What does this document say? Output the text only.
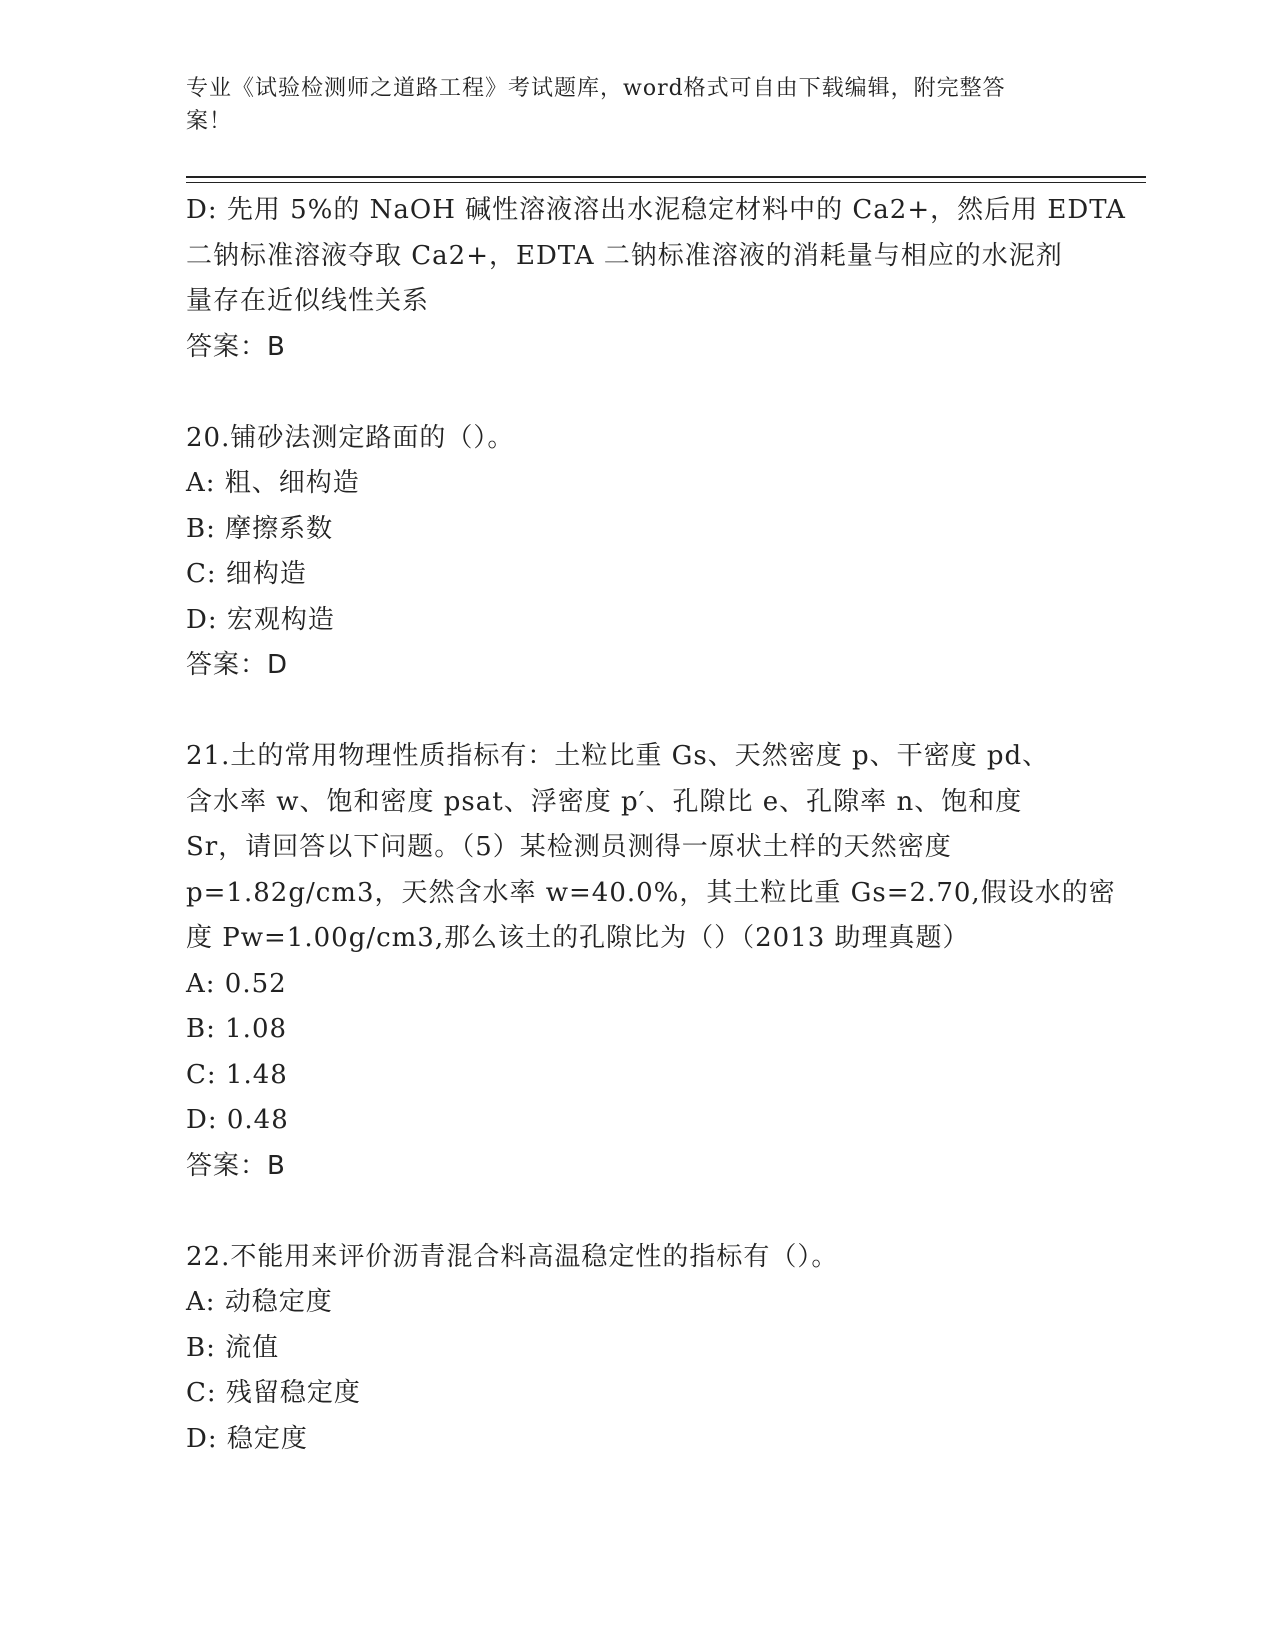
专业《试验检测师之道路工程》考试题库，word格式可自由下载编辑，附完整答
案！
D: 先用 5%的 NaOH 碱性溶液溶出水泥稳定材料中的 Ca2+，然后用 EDTA
二钠标准溶液夺取 Ca2+，EDTA 二钠标准溶液的消耗量与相应的水泥剂
量存在近似线性关系
答案：B
20.铺砂法测定路面的（）。
A: 粗、细构造
B: 摩擦系数
C: 细构造
D: 宏观构造
答案：D
21.土的常用物理性质指标有：土粒比重 Gs、天然密度 p、干密度 pd、
含水率 w、饱和密度 psat、浮密度 p′、孔隙比 e、孔隙率 n、饱和度
Sr，请回答以下问题。（5）某检测员测得一原状土样的天然密度
p=1.82g/cm3，天然含水率 w=40.0%，其土粒比重 Gs=2.70,假设水的密
度 Pw=1.00g/cm3,那么该土的孔隙比为（）（2013 助理真题）
A: 0.52
B: 1.08
C: 1.48
D: 0.48
答案：B
22.不能用来评价沥青混合料高温稳定性的指标有（）。
A: 动稳定度
B: 流值
C: 残留稳定度
D: 稳定度
